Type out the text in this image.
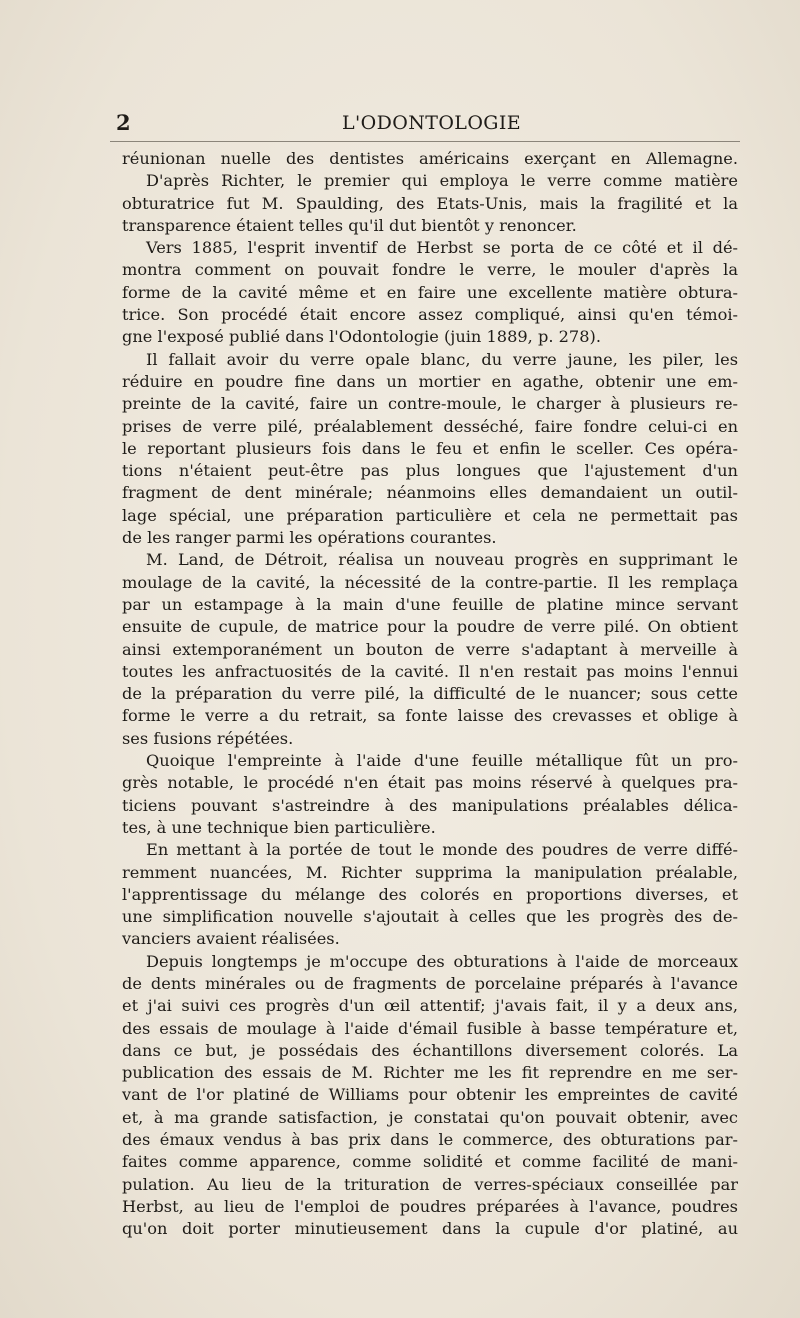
2	L'ODONTOLOGIE
réunionan nuelle des dentistes américains exerçant en Allemagne.
D'après Richter, le premier qui employa le verre comme matière
obturatrice fut M. Spaulding, des Etats-Unis, mais la fragilité et la
transparence étaient telles qu'il dut bientôt y renoncer.
Vers 1885, l'esprit inventif de Herbst se porta de ce côté et il dé-
montra comment on pouvait fondre le verre, le mouler d'après la
forme de la cavité même et en faire une excellente matière obtura-
trice. Son procédé était encore assez compliqué, ainsi qu'en témoi-
gne l'exposé publié dans l'Odontologie (juin 1889, p. 278).
Il fallait avoir du verre opale blanc, du verre jaune, les piler, les
réduire en poudre fine dans un mortier en agathe, obtenir une em-
preinte de la cavité, faire un contre-moule, le charger à plusieurs re-
prises de verre pilé, préalablement desséché, faire fondre celui-ci en
le reportant plusieurs fois dans le feu et enfin le sceller. Ces opéra-
tions n'étaient peut-être pas plus longues que l'ajustement d'un
fragment de dent minérale; néanmoins elles demandaient un outil-
lage spécial, une préparation particulière et cela ne permettait pas
de les ranger parmi les opérations courantes.
M. Land, de Détroit, réalisa un nouveau progrès en supprimant le
moulage de la cavité, la nécessité de la contre-partie. Il les remplaça
par un estampage à la main d'une feuille de platine mince servant
ensuite de cupule, de matrice pour la poudre de verre pilé. On obtient
ainsi extemporanément un bouton de verre s'adaptant à merveille à
toutes les anfractuosités de la cavité. Il n'en restait pas moins l'ennui
de la préparation du verre pilé, la difficulté de le nuancer; sous cette
forme le verre a du retrait, sa fonte laisse des crevasses et oblige à
ses fusions répétées.
Quoique l'empreinte à l'aide d'une feuille métallique fût un pro-
grès notable, le procédé n'en était pas moins réservé à quelques pra-
ticiens pouvant s'astreindre à des manipulations préalables délica-
tes, à une technique bien particulière.
En mettant à la portée de tout le monde des poudres de verre diffé-
remment nuancées, M. Richter supprima la manipulation préalable,
l'apprentissage du mélange des colorés en proportions diverses, et
une simplification nouvelle s'ajoutait à celles que les progrès des de-
vanciers avaient réalisées.
Depuis longtemps je m'occupe des obturations à l'aide de morceaux
de dents minérales ou de fragments de porcelaine préparés à l'avance
et j'ai suivi ces progrès d'un œil attentif; j'avais fait, il y a deux ans,
des essais de moulage à l'aide d'émail fusible à basse température et,
dans ce but, je possédais des échantillons diversement colorés. La
publication des essais de M. Richter me les fit reprendre en me ser-
vant de l'or platiné de Williams pour obtenir les empreintes de cavité
et, à ma grande satisfaction, je constatai qu'on pouvait obtenir, avec
des émaux vendus à bas prix dans le commerce, des obturations par-
faites comme apparence, comme solidité et comme facilité de mani-
pulation. Au lieu de la trituration de verres-spéciaux conseillée par
Herbst, au lieu de l'emploi de poudres préparées à l'avance, poudres
qu'on doit porter minutieusement dans la cupule d'or platiné, au
